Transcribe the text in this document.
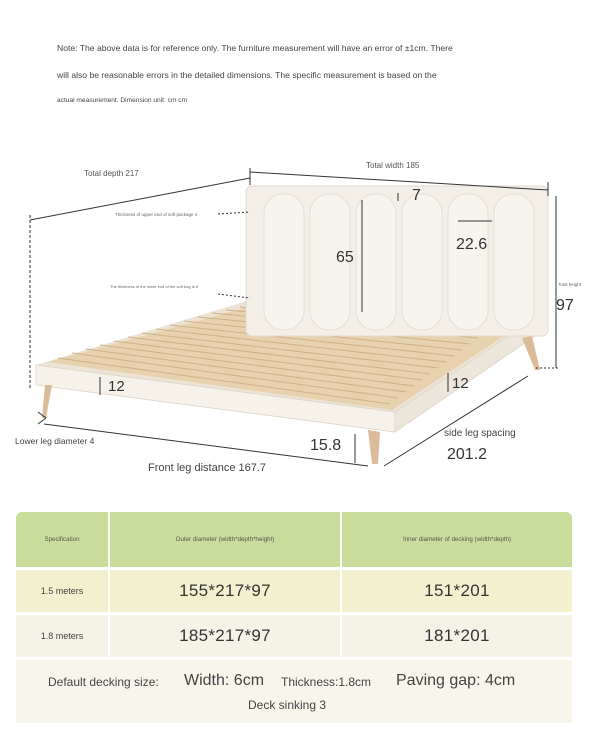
Note: The above data is for reference only. The furniture measurement will have an error of ±1cm. There
will also be reasonable errors in the detailed dimensions. The specific measurement is based on the
actual measurement. Dimension unit: cm cm
Total depth 217
Total width 185
Thickness of upper end of soft package 4
The thickness of the lower end of the soft bag is 6
65
7
22.6
Total height
97
12	12
15.8
Lower leg diameter 4
Front leg distance 167.7
side leg spacing
201.2
Specification	Outer diameter (width*depth*height)	Inner diameter of decking (width*depth)
1.5 meters	155*217*97	151*201
1.8 meters	185*217*97	181*201
Default decking size: Width: 6cm Thickness:1.8cm Paving gap: 4cm
Deck sinking 3
